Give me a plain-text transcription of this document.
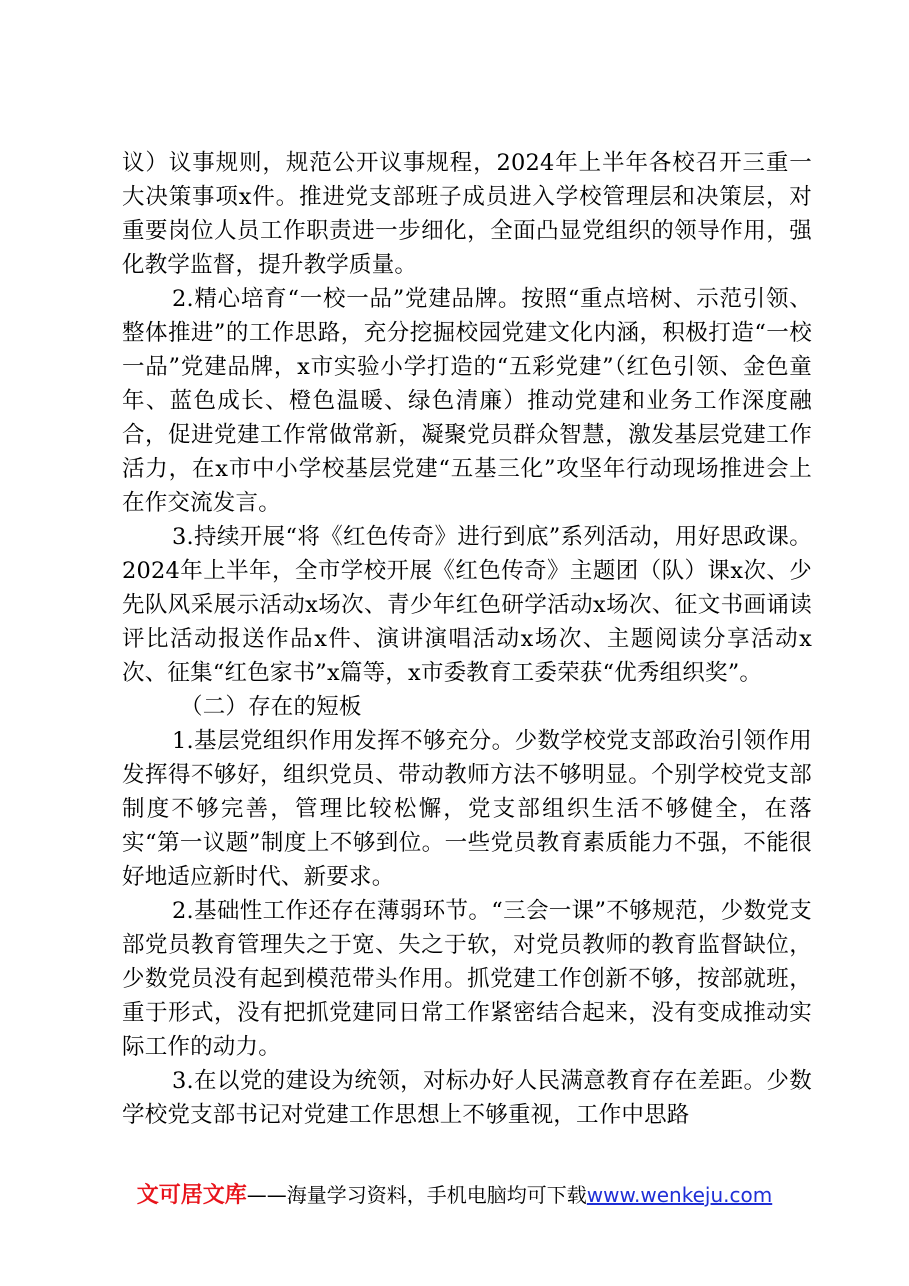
议）议事规则，规范公开议事规程，2024年上半年各校召开三重一大决策事项x件。推进党支部班子成员进入学校管理层和决策层，对重要岗位人员工作职责进一步细化，全面凸显党组织的领导作用，强化教学监督，提升教学质量。

2.精心培育“一校一品”党建品牌。按照“重点培树、示范引领、整体推进”的工作思路，充分挖掘校园党建文化内涵，积极打造“一校一品”党建品牌，x市实验小学打造的“五彩党建”（红色引领、金色童年、蓝色成长、橙色温暖、绿色清廉）推动党建和业务工作深度融合，促进党建工作常做常新，凝聚党员群众智慧，激发基层党建工作活力，在x市中小学校基层党建“五基三化”攻坚年行动现场推进会上在作交流发言。

3.持续开展“将《红色传奇》进行到底”系列活动，用好思政课。2024年上半年，全市学校开展《红色传奇》主题团（队）课x次、少先队风采展示活动x场次、青少年红色研学活动x场次、征文书画诵读评比活动报送作品x件、演讲演唱活动x场次、主题阅读分享活动x次、征集“红色家书”x篇等，x市委教育工委荣获“优秀组织奖”。

（二）存在的短板

1.基层党组织作用发挥不够充分。少数学校党支部政治引领作用发挥得不够好，组织党员、带动教师方法不够明显。个别学校党支部制度不够完善，管理比较松懈，党支部组织生活不够健全，在落实“第一议题”制度上不够到位。一些党员教育素质能力不强，不能很好地适应新时代、新要求。

2.基础性工作还存在薄弱环节。“三会一课”不够规范，少数党支部党员教育管理失之于宽、失之于软，对党员教师的教育监督缺位，少数党员没有起到模范带头作用。抓党建工作创新不够，按部就班，重于形式，没有把抓党建同日常工作紧密结合起来，没有变成推动实际工作的动力。

3.在以党的建设为统领，对标办好人民满意教育存在差距。少数学校党支部书记对党建工作思想上不够重视，工作中思路

文可居文库——海量学习资料，手机电脑均可下载www.wenkeju.com
